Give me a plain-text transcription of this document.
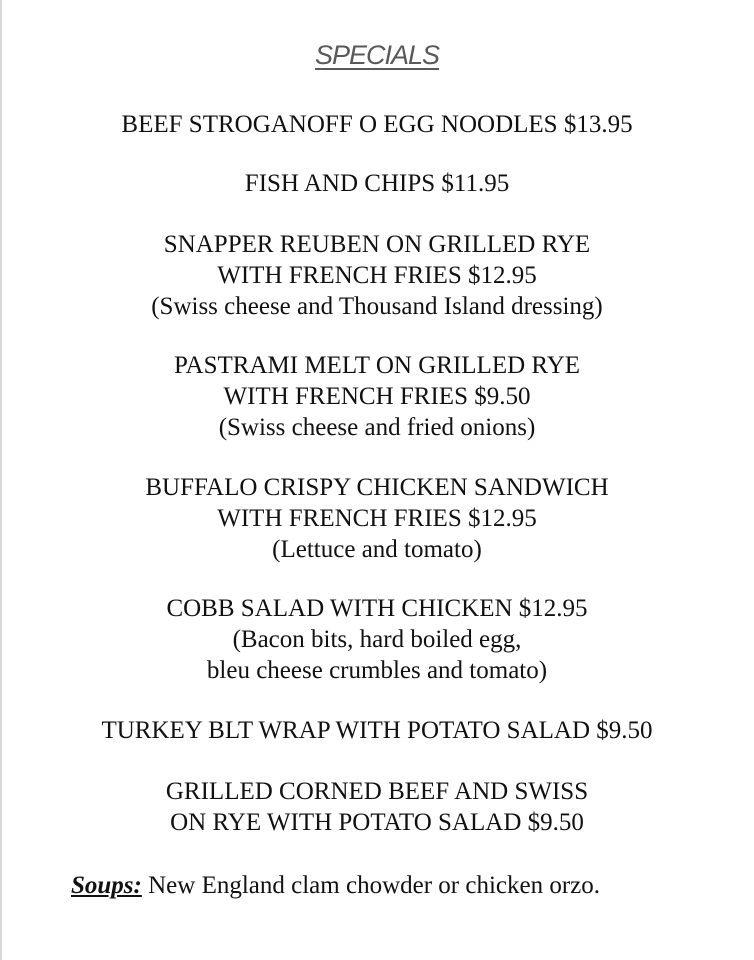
SPECIALS
BEEF STROGANOFF O EGG NOODLES $13.95
FISH AND CHIPS $11.95
SNAPPER REUBEN ON GRILLED RYE
WITH FRENCH FRIES $12.95
(Swiss cheese and Thousand Island dressing)
PASTRAMI MELT ON GRILLED RYE
WITH FRENCH FRIES $9.50
(Swiss cheese and fried onions)
BUFFALO CRISPY CHICKEN SANDWICH
WITH FRENCH FRIES $12.95
(Lettuce and tomato)
COBB SALAD WITH CHICKEN $12.95
(Bacon bits, hard boiled egg,
bleu cheese crumbles and tomato)
TURKEY BLT WRAP WITH POTATO SALAD $9.50
GRILLED CORNED BEEF AND SWISS
ON RYE WITH POTATO SALAD $9.50
Soups: New England clam chowder or chicken orzo.
